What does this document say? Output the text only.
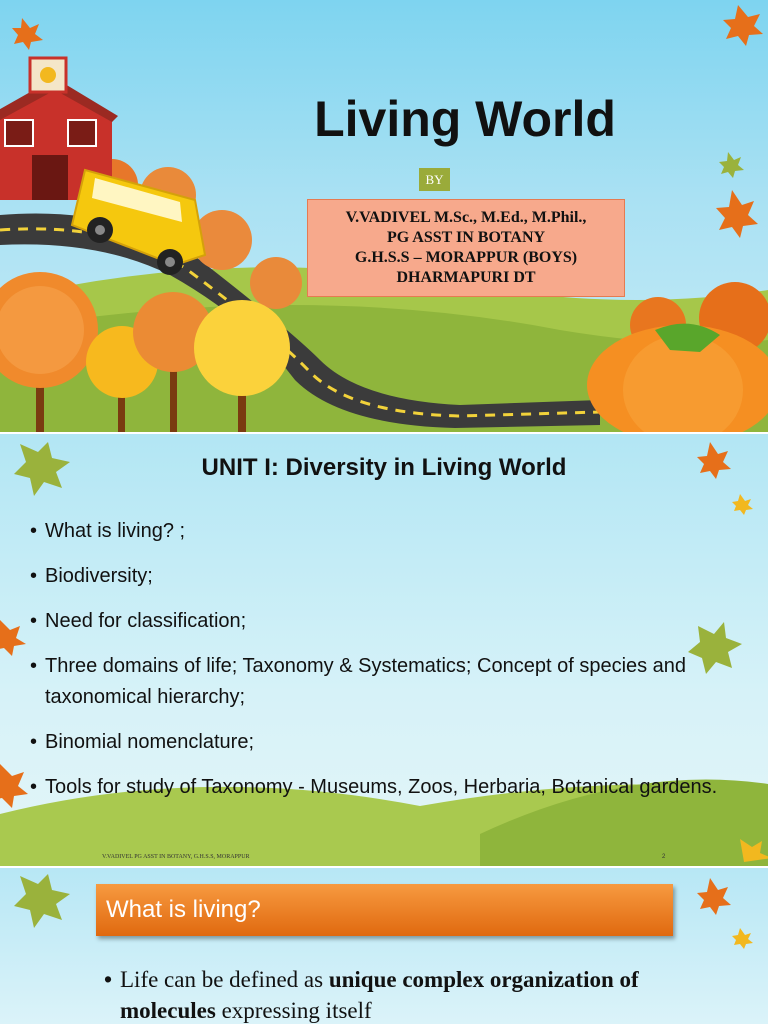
Living World
BY
V.VADIVEL M.Sc., M.Ed., M.Phil.,
PG ASST IN BOTANY
G.H.S.S – MORAPPUR (BOYS)
DHARMAPURI DT
UNIT I: Diversity in Living World
• What is living? ;
• Biodiversity;
• Need for classification;
• Three domains of life; Taxonomy & Systematics; Concept of species and taxonomical hierarchy;
• Binomial nomenclature;
• Tools for study of Taxonomy - Museums, Zoos, Herbaria, Botanical gardens.
V.VADIVEL PG ASST IN BOTANY, G.H.S.S, MORAPPUR	2
What is living?
• Life can be defined as unique complex organization of molecules expressing itself
